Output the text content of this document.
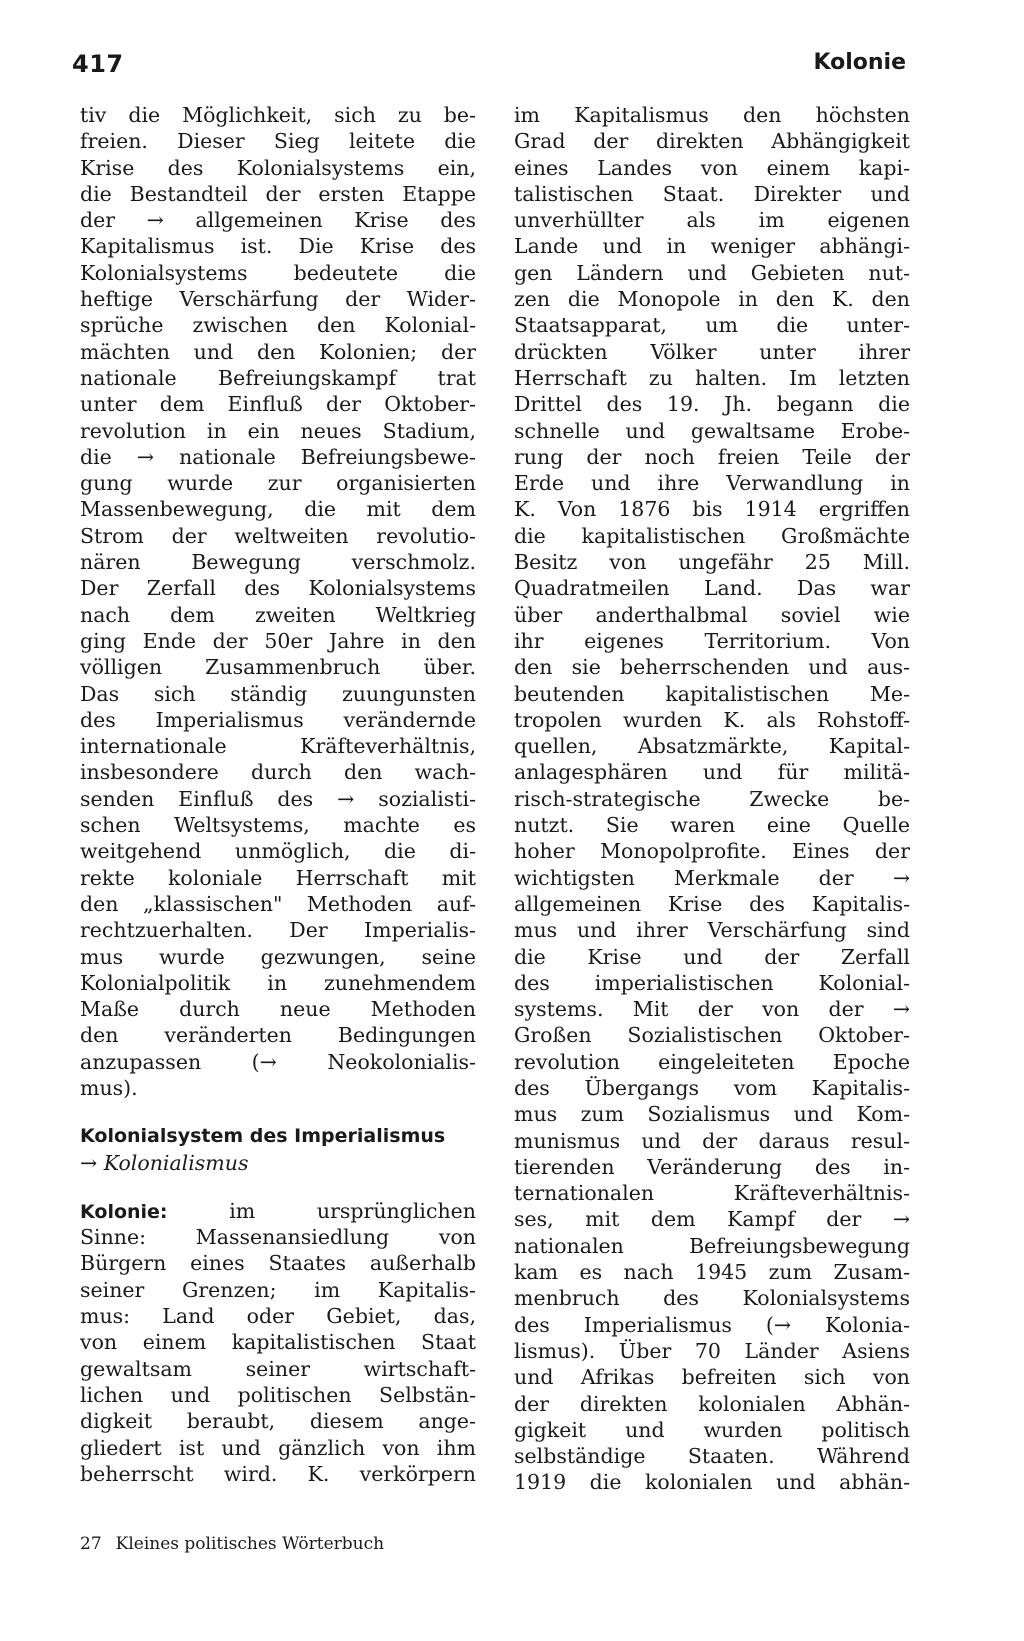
417	Kolonie
tiv die Möglichkeit, sich zu be-
freien. Dieser Sieg leitete die
Krise des Kolonialsystems ein,
die Bestandteil der ersten Etappe
der → allgemeinen Krise des
Kapitalismus ist. Die Krise des
Kolonialsystems bedeutete die
heftige Verschärfung der Wider-
sprüche zwischen den Kolonial-
mächten und den Kolonien; der
nationale Befreiungskampf trat
unter dem Einfluß der Oktober-
revolution in ein neues Stadium,
die → nationale Befreiungsbewe-
gung wurde zur organisierten
Massenbewegung, die mit dem
Strom der weltweiten revolutio-
nären Bewegung verschmolz.
Der Zerfall des Kolonialsystems
nach dem zweiten Weltkrieg
ging Ende der 50er Jahre in den
völligen Zusammenbruch über.
Das sich ständig zuungunsten
des Imperialismus verändernde
internationale Kräfteverhältnis,
insbesondere durch den wach-
senden Einfluß des → sozialisti-
schen Weltsystems, machte es
weitgehend unmöglich, die di-
rekte koloniale Herrschaft mit
den „klassischen" Methoden auf-
rechtzuerhalten. Der Imperialis-
mus wurde gezwungen, seine
Kolonialpolitik in zunehmendem
Maße durch neue Methoden
den veränderten Bedingungen
anzupassen (→ Neokolonialis-
mus).
Kolonialsystem des Imperialismus
→ Kolonialismus
Kolonie:	im ursprünglichen
Sinne: Massenansiedlung von
Bürgern eines Staates außerhalb
seiner Grenzen; im Kapitalis-
mus: Land oder Gebiet, das,
von einem kapitalistischen Staat
gewaltsam seiner wirtschaft-
lichen und politischen Selbstän-
digkeit beraubt, diesem ange-
gliedert ist und gänzlich von ihm
beherrscht wird. K. verkörpern
im Kapitalismus den höchsten
Grad der direkten Abhängigkeit
eines Landes von einem kapi-
talistischen Staat. Direkter und
unverhüllter als im eigenen
Lande und in weniger abhängi-
gen Ländern und Gebieten nut-
zen die Monopole in den K. den
Staatsapparat, um die unter-
drückten Völker unter ihrer
Herrschaft zu halten. Im letzten
Drittel des 19. Jh. begann die
schnelle und gewaltsame Erobe-
rung der noch freien Teile der
Erde und ihre Verwandlung in
K. Von 1876 bis 1914 ergriffen
die kapitalistischen Großmächte
Besitz von ungefähr 25 Mill.
Quadratmeilen Land. Das war
über anderthalbmal soviel wie
ihr eigenes Territorium. Von
den sie beherrschenden und aus-
beutenden kapitalistischen Me-
tropolen wurden K. als Rohstoff-
quellen, Absatzmärkte, Kapital-
anlagesphären und für militä-
risch-strategische Zwecke be-
nutzt. Sie waren eine Quelle
hoher Monopolprofite. Eines der
wichtigsten Merkmale der →
allgemeinen Krise des Kapitalis-
mus und ihrer Verschärfung sind
die Krise und der Zerfall
des imperialistischen Kolonial-
systems. Mit der von der →
Großen Sozialistischen Oktober-
revolution eingeleiteten Epoche
des Übergangs vom Kapitalis-
mus zum Sozialismus und Kom-
munismus und der daraus resul-
tierenden Veränderung des in-
ternationalen Kräfteverhältnis-
ses, mit dem Kampf der →
nationalen Befreiungsbewegung
kam es nach 1945 zum Zusam-
menbruch des Kolonialsystems
des Imperialismus (→ Kolonia-
lismus). Über 70 Länder Asiens
und Afrikas befreiten sich von
der direkten kolonialen Abhän-
gigkeit und wurden politisch
selbständige Staaten. Während
1919 die kolonialen und abhän-
27 Kleines politisches Wörterbuch
